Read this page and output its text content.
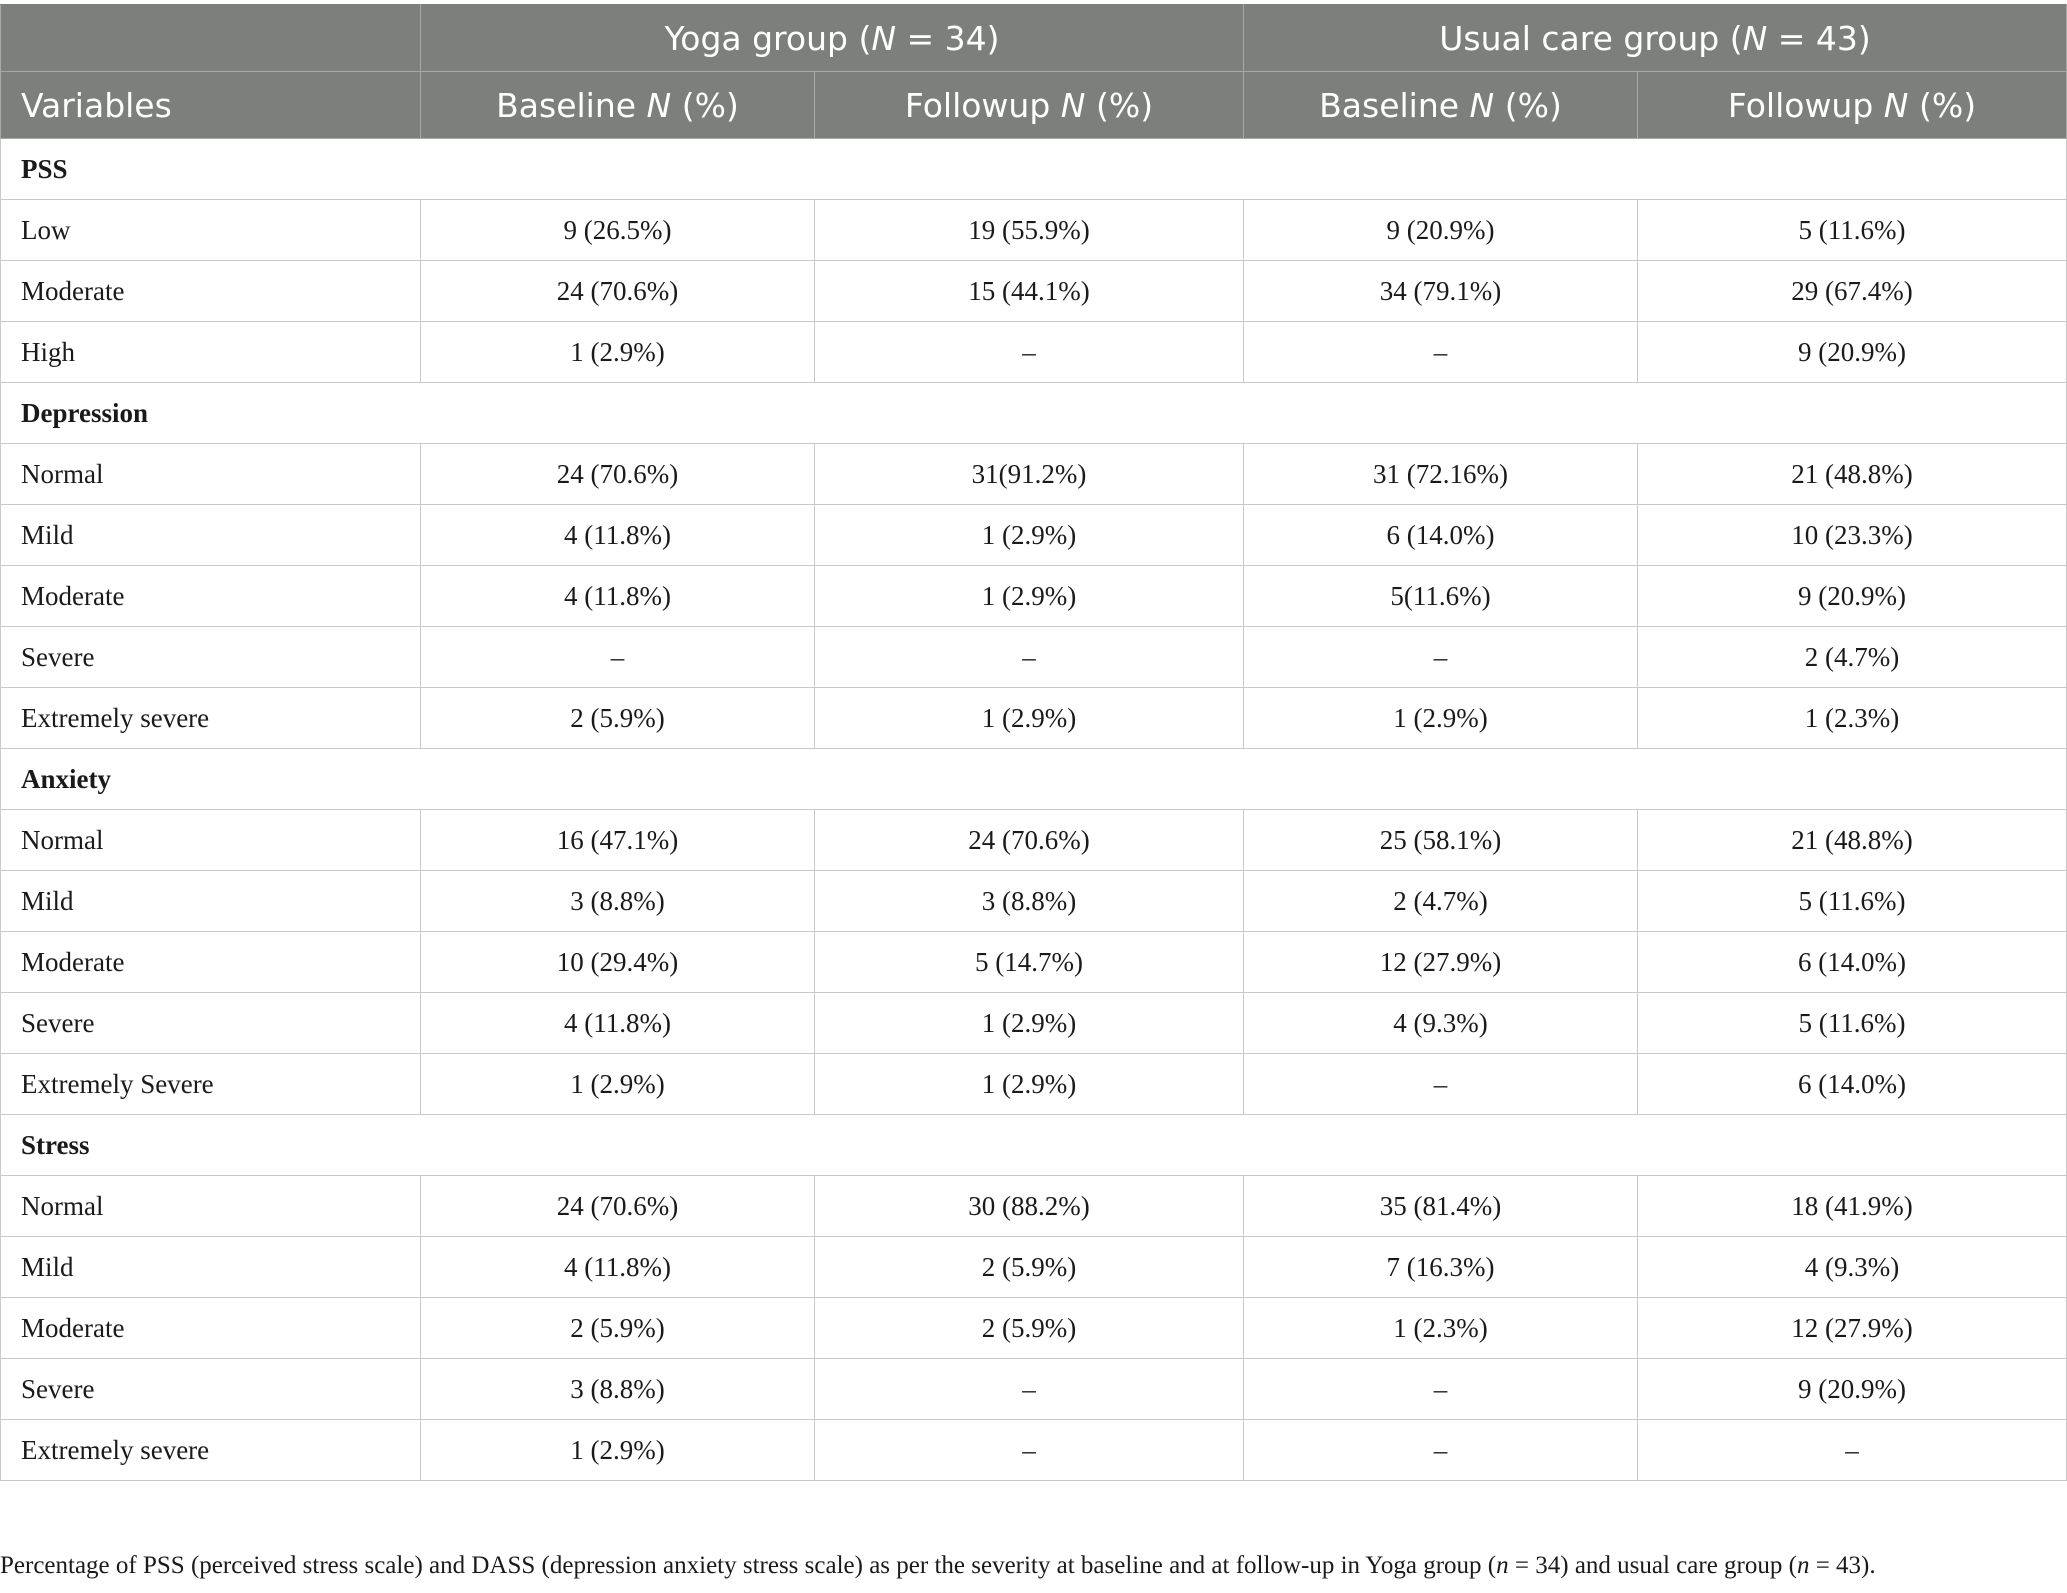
	Yoga group (N = 34)		Usual care group (N = 43)	
Variables	Baseline N (%)	Followup N (%)	Baseline N (%)	Followup N (%)
PSS				
Low	9 (26.5%)	19 (55.9%)	9 (20.9%)	5 (11.6%)
Moderate	24 (70.6%)	15 (44.1%)	34 (79.1%)	29 (67.4%)
High	1 (2.9%)	–	–	9 (20.9%)
Depression				
Normal	24 (70.6%)	31(91.2%)	31 (72.16%)	21 (48.8%)
Mild	4 (11.8%)	1 (2.9%)	6 (14.0%)	10 (23.3%)
Moderate	4 (11.8%)	1 (2.9%)	5(11.6%)	9 (20.9%)
Severe	–	–	–	2 (4.7%)
Extremely severe	2 (5.9%)	1 (2.9%)	1 (2.9%)	1 (2.3%)
Anxiety				
Normal	16 (47.1%)	24 (70.6%)	25 (58.1%)	21 (48.8%)
Mild	3 (8.8%)	3 (8.8%)	2 (4.7%)	5 (11.6%)
Moderate	10 (29.4%)	5 (14.7%)	12 (27.9%)	6 (14.0%)
Severe	4 (11.8%)	1 (2.9%)	4 (9.3%)	5 (11.6%)
Extremely Severe	1 (2.9%)	1 (2.9%)	–	6 (14.0%)
Stress				
Normal	24 (70.6%)	30 (88.2%)	35 (81.4%)	18 (41.9%)
Mild	4 (11.8%)	2 (5.9%)	7 (16.3%)	4 (9.3%)
Moderate	2 (5.9%)	2 (5.9%)	1 (2.3%)	12 (27.9%)
Severe	3 (8.8%)	–	–	9 (20.9%)
Extremely severe	1 (2.9%)	–	–	–
Percentage of PSS (perceived stress scale) and DASS (depression anxiety stress scale) as per the severity at baseline and at follow-up in Yoga group (n = 34) and usual care group (n = 43).
